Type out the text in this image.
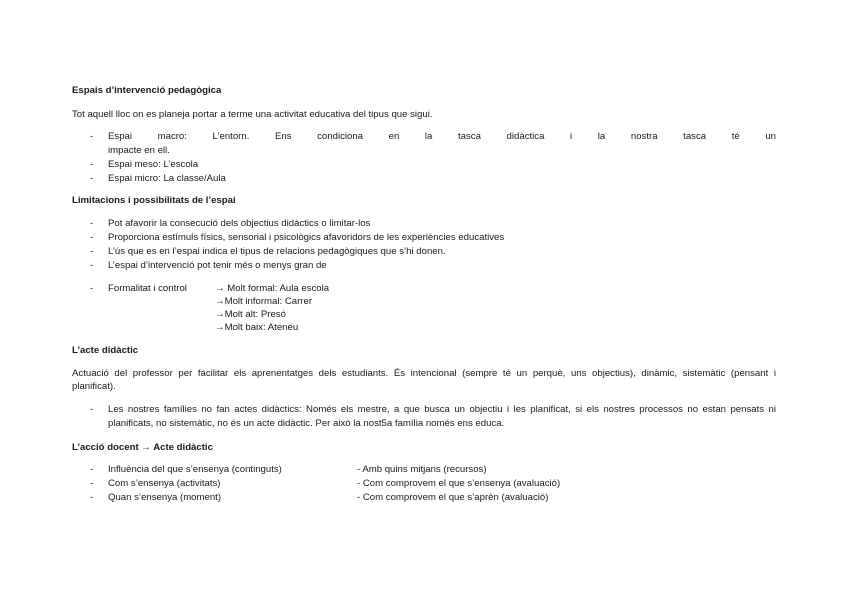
Espais d’intervenció pedagògica

Tot aquell lloc on es planeja portar a terme una activitat educativa del tipus que sigui.

- Espai macro: L’entorn. Ens condiciona en la tasca didàctica i la nostra tasca té un
impacte en ell.
- Espai meso: L’escola
- Espai micro: La classe/Aula

Limitacions i possibilitats de l’espai

- Pot afavorir la consecució dels objectius didàctics o limitar-los
- Proporciona estímuls físics, sensorial i psicològics afavoridors de les experiències educatives
- L’ús que es en l’espai indica el tipus de relacions pedagògiques que s’hi donen.
- L’espai d’intervenció pot tenir més o menys gran de
- Formalitat i control	→ Molt formal: Aula escola
→Molt informal: Carrer
→Molt alt: Presó
→Molt baix: Ateneu

L’acte didàctic

Actuació del professor per facilitar els aprenentatges dels estudiants. És intencional (sempre té un perquè, uns objectius), dinàmic, sistemàtic (pensant i
planificat).
- Les nostres famílies no fan actes didàctics: Només els mestre, a que busca un objectiu i les planificat, si els nostres processos no estan pensats ni
planificats, no sistemàtic, no és un acte didàctic. Per això la nost5a família només ens educa.

L’acció docent → Acte didàctic

- Influència del que s’ensenya (continguts)	- Amb quins mitjans (recursos)
- Com s’ensenya (activitats)	- Com comprovem el que s’ensenya (avaluació)
- Quan s’ensenya (moment)	- Com comprovem el que s’aprèn (avaluació)
